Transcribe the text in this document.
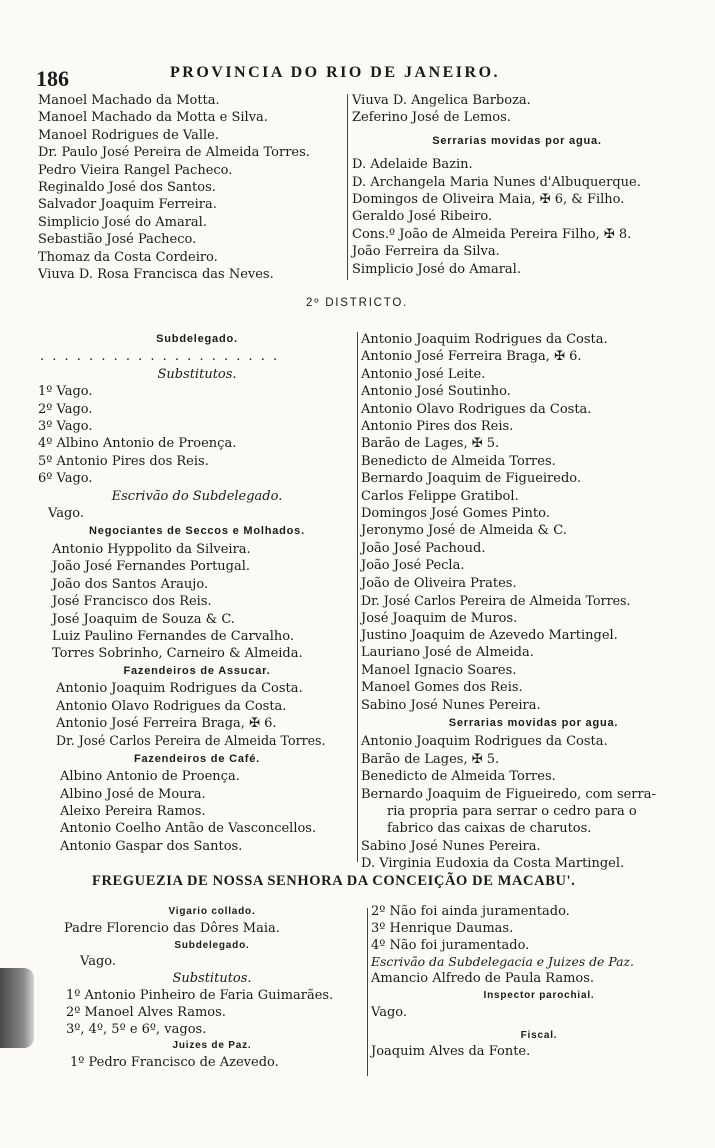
186	PROVINCIA DO RIO DE JANEIRO.
Manoel Machado da Motta.
Manoel Machado da Motta e Silva.
Manoel Rodrigues de Valle.
Dr. Paulo José Pereira de Almeida Torres.
Pedro Vieira Rangel Pacheco.
Reginaldo José dos Santos.
Salvador Joaquim Ferreira.
Simplicio José do Amaral.
Sebastião José Pacheco.
Thomaz da Costa Cordeiro.
Viuva D. Rosa Francisca das Neves.
Viuva D. Angelica Barboza.
Zeferino José de Lemos.
Serrarias movidas por agua.
D. Adelaide Bazin.
D. Archangela Maria Nunes d'Albuquerque.
Domingos de Oliveira Maia, ✠ 6, & Filho.
Geraldo José Ribeiro.
Cons.º João de Almeida Pereira Filho, ✠ 8.
João Ferreira da Silva.
Simplicio José do Amaral.
2º DISTRICTO.
Subdelegado.
. . . . . . . . . . . . . . . . . . . .
Substitutos.
1º Vago.
2º Vago.
3º Vago.
4º Albino Antonio de Proença.
5º Antonio Pires dos Reis.
6º Vago.
Escrivão do Subdelegado.
Vago.
Negociantes de Seccos e Molhados.
Antonio Hyppolito da Silveira.
João José Fernandes Portugal.
João dos Santos Araujo.
José Francisco dos Reis.
José Joaquim de Souza & C.
Luiz Paulino Fernandes de Carvalho.
Torres Sobrinho, Carneiro & Almeida.
Fazendeiros de Assucar.
Antonio Joaquim Rodrigues da Costa.
Antonio Olavo Rodrigues da Costa.
Antonio José Ferreira Braga, ✠ 6.
Dr. José Carlos Pereira de Almeida Torres.
Fazendeiros de Café.
Albino Antonio de Proença.
Albino José de Moura.
Aleixo Pereira Ramos.
Antonio Coelho Antão de Vasconcellos.
Antonio Gaspar dos Santos.
Antonio Joaquim Rodrigues da Costa.
Antonio José Ferreira Braga, ✠ 6.
Antonio José Leite.
Antonio José Soutinho.
Antonio Olavo Rodrigues da Costa.
Antonio Pires dos Reis.
Barão de Lages, ✠ 5.
Benedicto de Almeida Torres.
Bernardo Joaquim de Figueiredo.
Carlos Felippe Gratibol.
Domingos José Gomes Pinto.
Jeronymo José de Almeida & C.
João José Pachoud.
João José Pecla.
João de Oliveira Prates.
Dr. José Carlos Pereira de Almeida Torres.
José Joaquim de Muros.
Justino Joaquim de Azevedo Martingel.
Lauriano José de Almeida.
Manoel Ignacio Soares.
Manoel Gomes dos Reis.
Sabino José Nunes Pereira.
Serrarias movidas por agua.
Antonio Joaquim Rodrigues da Costa.
Barão de Lages, ✠ 5.
Benedicto de Almeida Torres.
Bernardo Joaquim de Figueiredo, com serra-
ria propria para serrar o cedro para o
fabrico das caixas de charutos.
Sabino José Nunes Pereira.
D. Virginia Eudoxia da Costa Martingel.
FREGUEZIA DE NOSSA SENHORA DA CONCEIÇÃO DE MACABU'.
Vigario collado.
Padre Florencio das Dôres Maia.
Subdelegado.
Vago.
Substitutos.
1º Antonio Pinheiro de Faria Guimarães.
2º Manoel Alves Ramos.
3º, 4º, 5º e 6º, vagos.
Juizes de Paz.
1º Pedro Francisco de Azevedo.
2º Não foi ainda juramentado.
3º Henrique Daumas.
4º Não foi juramentado.
Escrivão da Subdelegacia e Juizes de Paz.
Amancio Alfredo de Paula Ramos.
Inspector parochial.
Vago.
Fiscal.
Joaquim Alves da Fonte.
